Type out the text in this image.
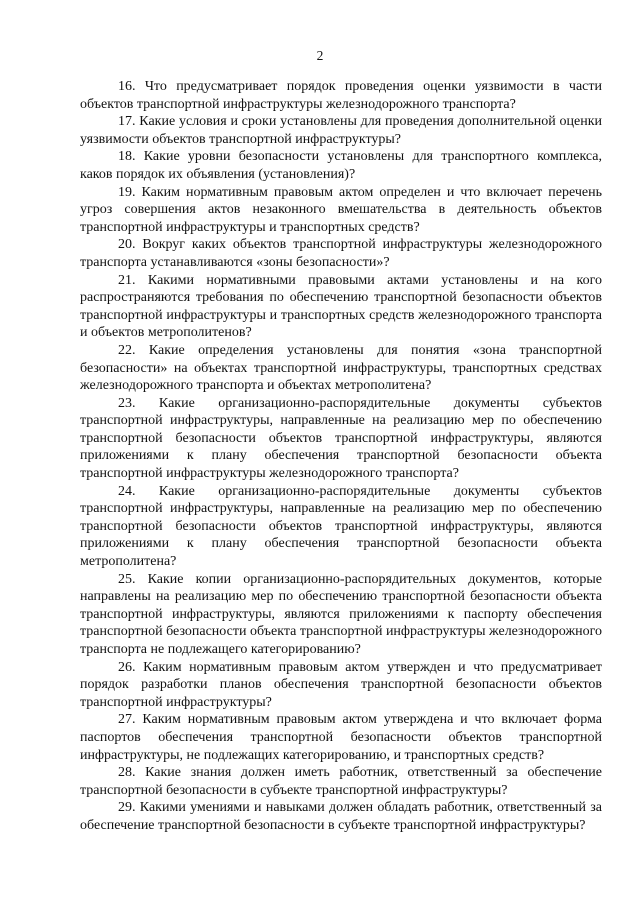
2

16. Что предусматривает порядок проведения оценки уязвимости в части объектов транспортной инфраструктуры железнодорожного транспорта?

17. Какие условия и сроки установлены для проведения дополнительной оценки уязвимости объектов транспортной инфраструктуры?

18. Какие уровни безопасности установлены для транспортного комплекса, каков порядок их объявления (установления)?

19. Каким нормативным правовым актом определен и что включает перечень угроз совершения актов незаконного вмешательства в деятельность объектов транспортной инфраструктуры и транспортных средств?

20. Вокруг каких объектов транспортной инфраструктуры железнодорожного транспорта устанавливаются «зоны безопасности»?

21. Какими нормативными правовыми актами установлены и на кого распространяются требования по обеспечению транспортной безопасности объектов транспортной инфраструктуры и транспортных средств железнодорожного транспорта и объектов метрополитенов?

22. Какие определения установлены для понятия «зона транспортной безопасности» на объектах транспортной инфраструктуры, транспортных средствах железнодорожного транспорта и объектах метрополитена?

23. Какие организационно-распорядительные документы субъектов транспортной инфраструктуры, направленные на реализацию мер по обеспечению транспортной безопасности объектов транспортной инфраструктуры, являются приложениями к плану обеспечения транспортной безопасности объекта транспортной инфраструктуры железнодорожного транспорта?

24. Какие организационно-распорядительные документы субъектов транспортной инфраструктуры, направленные на реализацию мер по обеспечению транспортной безопасности объектов транспортной инфраструктуры, являются приложениями к плану обеспечения транспортной безопасности объекта метрополитена?

25. Какие копии организационно-распорядительных документов, которые направлены на реализацию мер по обеспечению транспортной безопасности объекта транспортной инфраструктуры, являются приложениями к паспорту обеспечения транспортной безопасности объекта транспортной инфраструктуры железнодорожного транспорта не подлежащего категорированию?

26. Каким нормативным правовым актом утвержден и что предусматривает порядок разработки планов обеспечения транспортной безопасности объектов транспортной инфраструктуры?

27. Каким нормативным правовым актом утверждена и что включает форма паспортов обеспечения транспортной безопасности объектов транспортной инфраструктуры, не подлежащих категорированию, и транспортных средств?

28. Какие знания должен иметь работник, ответственный за обеспечение транспортной безопасности в субъекте транспортной инфраструктуры?

29. Какими умениями и навыками должен обладать работник, ответственный за обеспечение транспортной безопасности в субъекте транспортной инфраструктуры?
